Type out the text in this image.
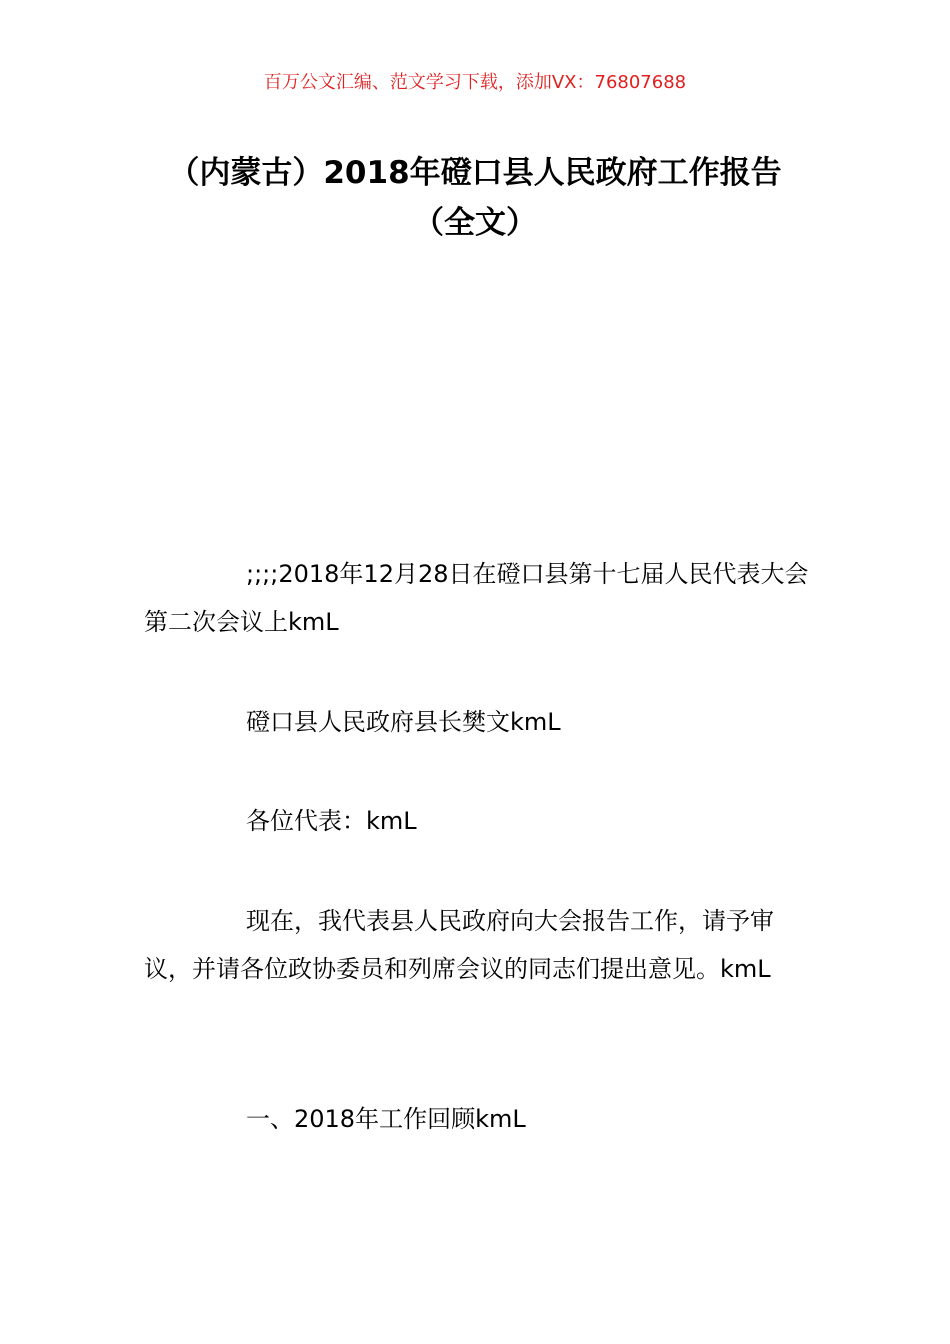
百万公文汇编、范文学习下载，添加VX：76807688
（内蒙古）2018年磴口县人民政府工作报告（全文）

;;;;2018年12月28日在磴口县第十七届人民代表大会第二次会议上kmL

磴口县人民政府县长樊文kmL

各位代表：kmL

现在，我代表县人民政府向大会报告工作，请予审议，并请各位政协委员和列席会议的同志们提出意见。kmL

一、2018年工作回顾kmL
